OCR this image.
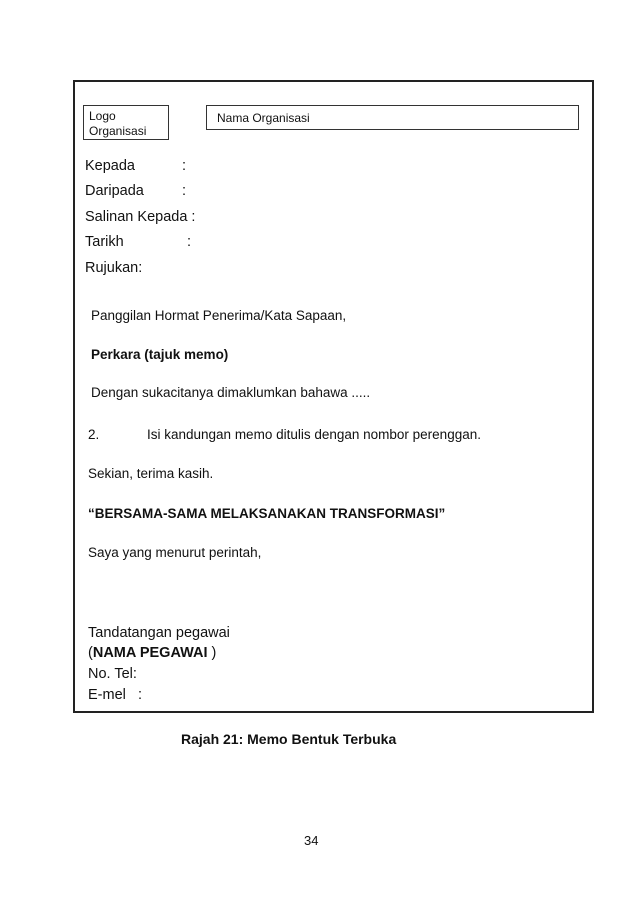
Logo Organisasi
Nama Organisasi
Kepada	:
Daripada	:
Salinan Kepada :
Tarikh	:
Rujukan:
Panggilan Hormat Penerima/Kata Sapaan,
Perkara (tajuk memo)
Dengan sukacitanya dimaklumkan bahawa .....
2.	Isi kandungan memo ditulis dengan nombor perenggan.
Sekian, terima kasih.
“BERSAMA-SAMA MELAKSANAKAN TRANSFORMASI”
Saya yang menurut perintah,
Tandatangan pegawai
(NAMA PEGAWAI )
No. Tel:
E-mel   :
Rajah 21: Memo Bentuk Terbuka
34
